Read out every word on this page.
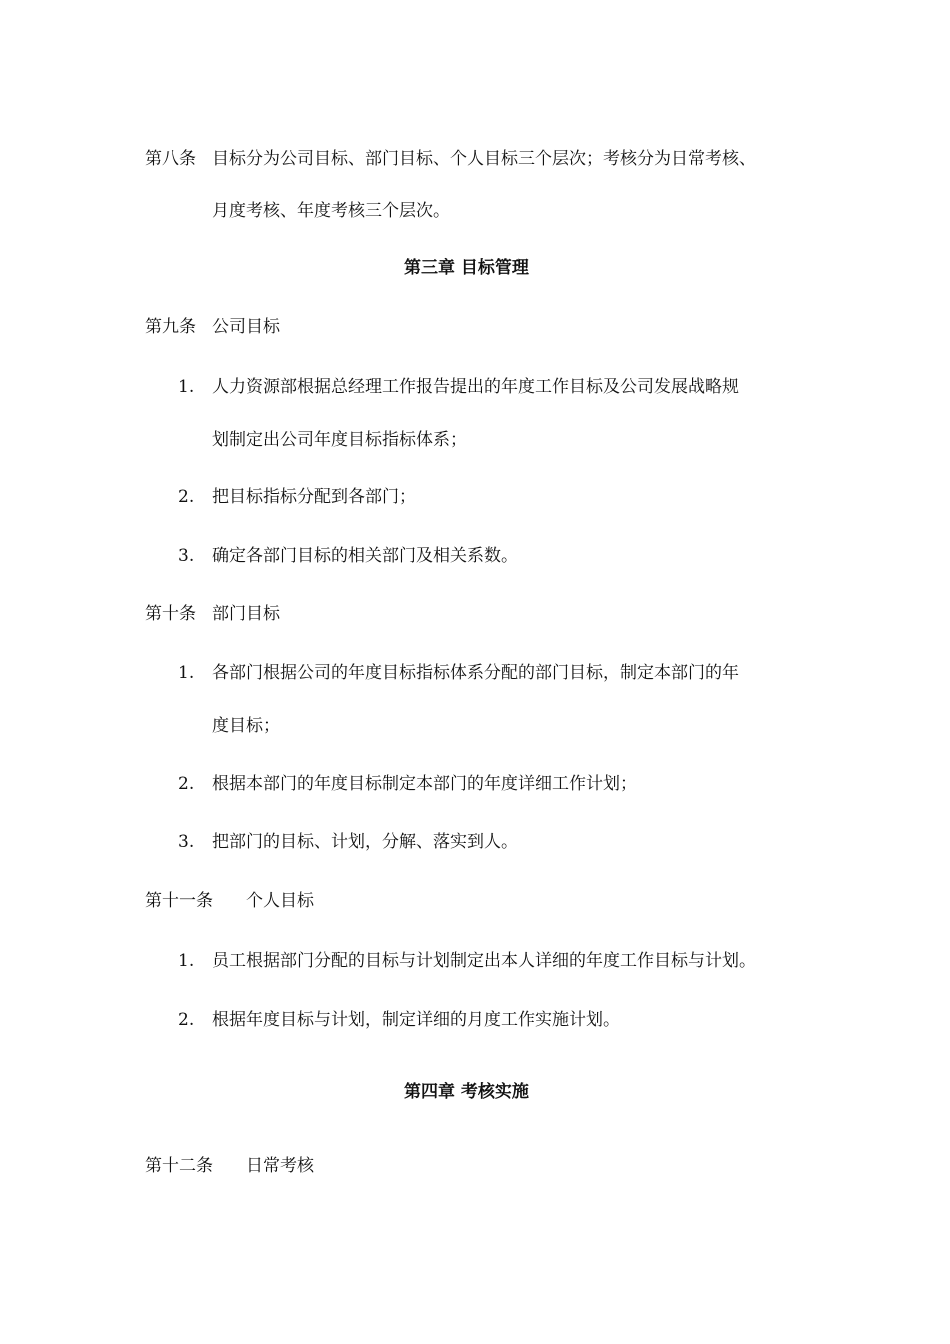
第八条 目标分为公司目标、部门目标、个人目标三个层次；考核分为日常考核、
月度考核、年度考核三个层次。
第三章 目标管理
第九条 公司目标
1. 人力资源部根据总经理工作报告提出的年度工作目标及公司发展战略规
划制定出公司年度目标指标体系；
2. 把目标指标分配到各部门；
3. 确定各部门目标的相关部门及相关系数。
第十条 部门目标
1. 各部门根据公司的年度目标指标体系分配的部门目标，制定本部门的年
度目标；
2. 根据本部门的年度目标制定本部门的年度详细工作计划；
3. 把部门的目标、计划，分解、落实到人。
第十一条 个人目标
1. 员工根据部门分配的目标与计划制定出本人详细的年度工作目标与计划。
2. 根据年度目标与计划，制定详细的月度工作实施计划。
第四章 考核实施
第十二条 日常考核
